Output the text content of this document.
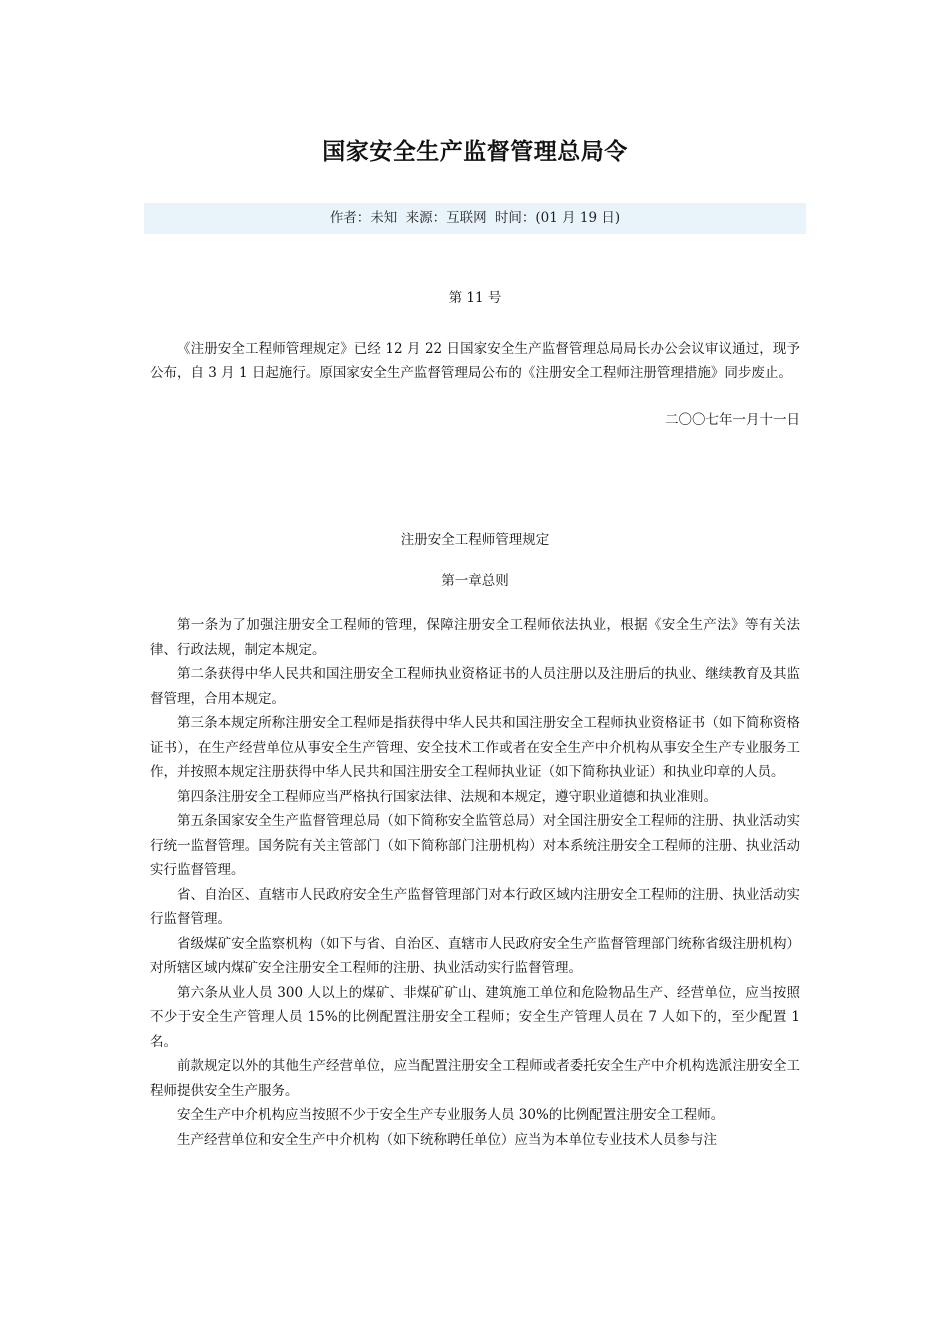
国家安全生产监督管理总局令
作者：未知 来源：互联网 时间：(01 月 19 日)

第 11 号

《注册安全工程师管理规定》已经 12 月 22 日国家安全生产监督管理总局局长办公会议审议通过，现予公布，自 3 月 1 日起施行。原国家安全生产监督管理局公布的《注册安全工程师注册管理措施》同步废止。

二〇〇七年一月十一日

注册安全工程师管理规定

第一章总则

第一条为了加强注册安全工程师的管理，保障注册安全工程师依法执业，根据《安全生产法》等有关法律、行政法规，制定本规定。

第二条获得中华人民共和国注册安全工程师执业资格证书的人员注册以及注册后的执业、继续教育及其监督管理，合用本规定。

第三条本规定所称注册安全工程师是指获得中华人民共和国注册安全工程师执业资格证书（如下简称资格证书），在生产经营单位从事安全生产管理、安全技术工作或者在安全生产中介机构从事安全生产专业服务工作，并按照本规定注册获得中华人民共和国注册安全工程师执业证（如下简称执业证）和执业印章的人员。

第四条注册安全工程师应当严格执行国家法律、法规和本规定，遵守职业道德和执业准则。

第五条国家安全生产监督管理总局（如下简称安全监管总局）对全国注册安全工程师的注册、执业活动实行统一监督管理。国务院有关主管部门（如下简称部门注册机构）对本系统注册安全工程师的注册、执业活动实行监督管理。

省、自治区、直辖市人民政府安全生产监督管理部门对本行政区域内注册安全工程师的注册、执业活动实行监督管理。

省级煤矿安全监察机构（如下与省、自治区、直辖市人民政府安全生产监督管理部门统称省级注册机构）对所辖区域内煤矿安全注册安全工程师的注册、执业活动实行监督管理。

第六条从业人员 300 人以上的煤矿、非煤矿矿山、建筑施工单位和危险物品生产、经营单位，应当按照不少于安全生产管理人员 15%的比例配置注册安全工程师；安全生产管理人员在 7 人如下的，至少配置 1 名。

前款规定以外的其他生产经营单位，应当配置注册安全工程师或者委托安全生产中介机构选派注册安全工程师提供安全生产服务。

安全生产中介机构应当按照不少于安全生产专业服务人员 30%的比例配置注册安全工程师。

生产经营单位和安全生产中介机构（如下统称聘任单位）应当为本单位专业技术人员参与注
